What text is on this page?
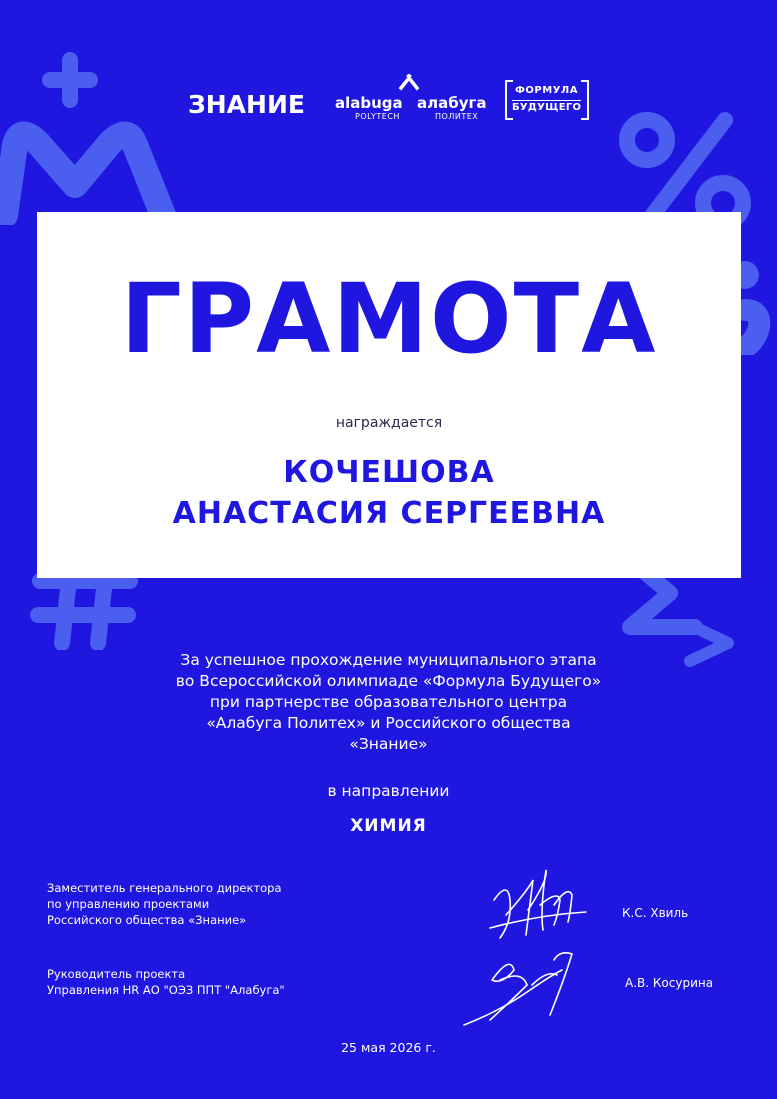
ЗНАНИЕ alabuga
POLYTECH
алабуга
ПОЛИТЕХ
ФОРМУЛА
БУДУЩЕГО
ГРАМОТА
награждается
КОЧЕШОВА
АНАСТАСИЯ СЕРГЕЕВНА
За успешное прохождение муниципального этапа
во Всероссийской олимпиаде «Формула Будущего»
при партнерстве образовательного центра
«Алабуга Политех» и Российского общества
«Знание»
в направлении
ХИМИЯ
Заместитель генерального директора
по управлению проектами
Российского общества «Знание»	К.С. Хвиль
Руководитель проекта
Управления HR АО "ОЭЗ ППТ "Алабуга"	А.В. Косурина
25 мая 2026 г.
